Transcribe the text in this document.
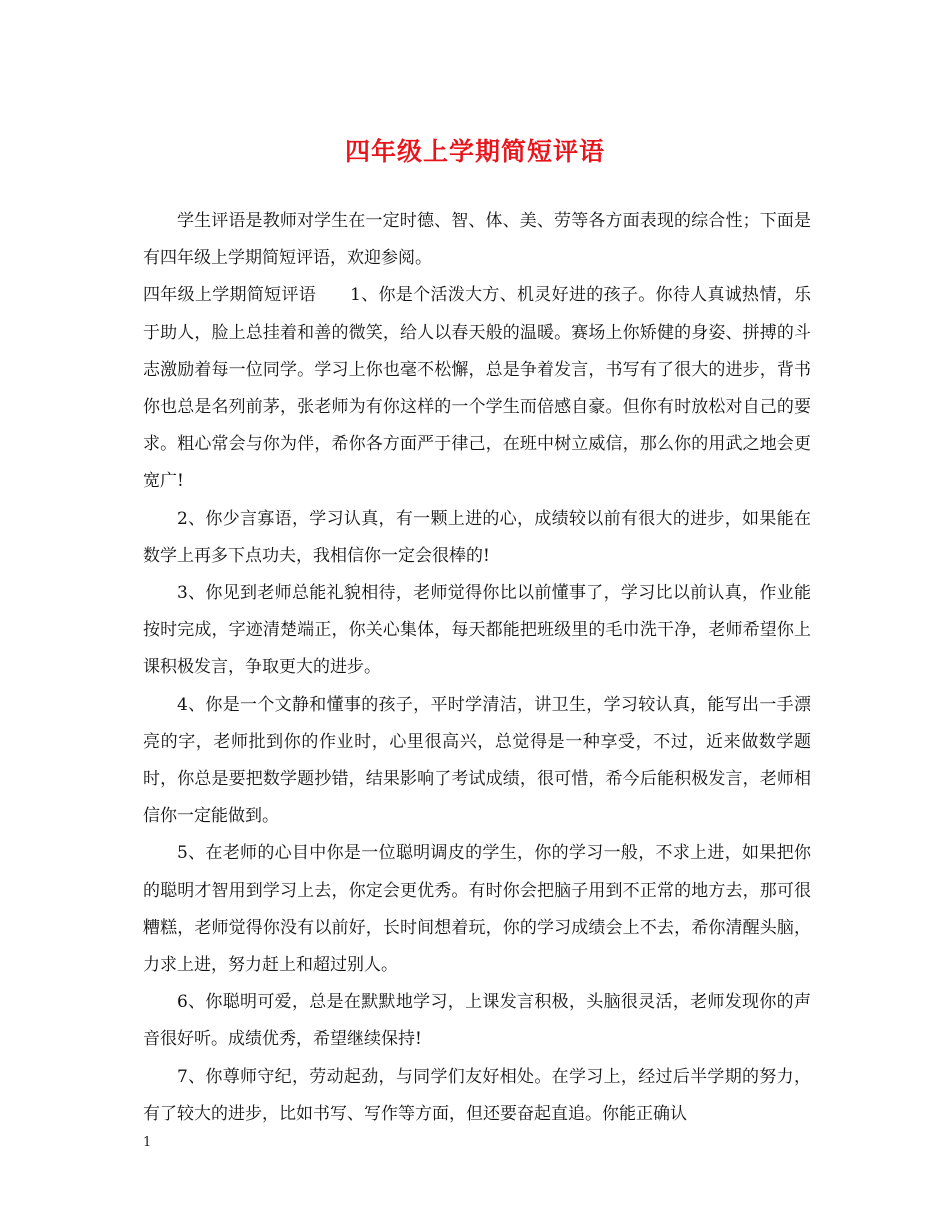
四年级上学期简短评语

学生评语是教师对学生在一定时德、智、体、美、劳等各方面表现的综合性；下面是有四年级上学期简短评语，欢迎参阅。

四年级上学期简短评语 1、你是个活泼大方、机灵好进的孩子。你待人真诚热情，乐于助人，脸上总挂着和善的微笑，给人以春天般的温暖。赛场上你矫健的身姿、拼搏的斗志激励着每一位同学。学习上你也毫不松懈，总是争着发言，书写有了很大的进步，背书你也总是名列前茅，张老师为有你这样的一个学生而倍感自豪。但你有时放松对自己的要求。粗心常会与你为伴，希你各方面严于律己，在班中树立威信，那么你的用武之地会更宽广!

2、你少言寡语，学习认真，有一颗上进的心，成绩较以前有很大的进步，如果能在数学上再多下点功夫，我相信你一定会很棒的!

3、你见到老师总能礼貌相待，老师觉得你比以前懂事了，学习比以前认真，作业能按时完成，字迹清楚端正，你关心集体，每天都能把班级里的毛巾洗干净，老师希望你上课积极发言，争取更大的进步。

4、你是一个文静和懂事的孩子，平时学清洁，讲卫生，学习较认真，能写出一手漂亮的字，老师批到你的作业时，心里很高兴，总觉得是一种享受，不过，近来做数学题时，你总是要把数学题抄错，结果影响了考试成绩，很可惜，希今后能积极发言，老师相信你一定能做到。

5、在老师的心目中你是一位聪明调皮的学生，你的学习一般，不求上进，如果把你的聪明才智用到学习上去，你定会更优秀。有时你会把脑子用到不正常的地方去，那可很糟糕，老师觉得你没有以前好，长时间想着玩，你的学习成绩会上不去，希你清醒头脑，力求上进，努力赶上和超过别人。

6、你聪明可爱，总是在默默地学习，上课发言积极，头脑很灵活，老师发现你的声音很好听。成绩优秀，希望继续保持!

7、你尊师守纪，劳动起劲，与同学们友好相处。在学习上，经过后半学期的努力，有了较大的进步，比如书写、写作等方面，但还要奋起直追。你能正确认

1
